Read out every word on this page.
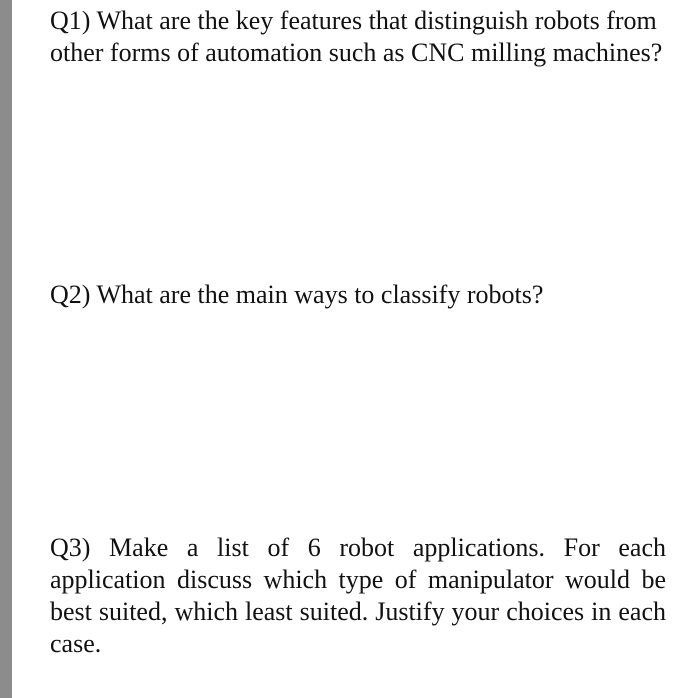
Q1) What are the key features that distinguish robots from other forms of automation such as CNC milling machines?

Q2) What are the main ways to classify robots?

Q3) Make a list of 6 robot applications. For each application discuss which type of manipulator would be best suited, which least suited. Justify your choices in each case.
